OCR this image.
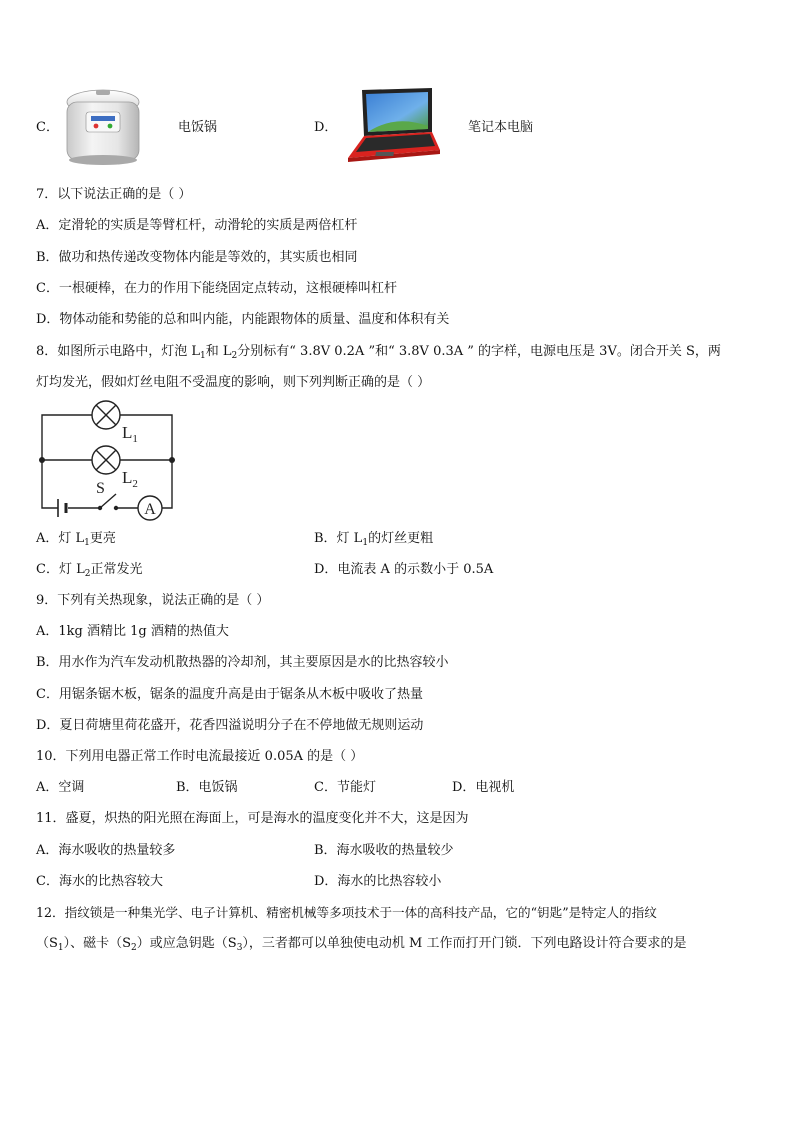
C．	电饭锅	D．	笔记本电脑
7．以下说法正确的是（ ）
A．定滑轮的实质是等臂杠杆，动滑轮的实质是两倍杠杆
B．做功和热传递改变物体内能是等效的，其实质也相同
C．一根硬棒，在力的作用下能绕固定点转动，这根硬棒叫杠杆
D．物体动能和势能的总和叫内能，内能跟物体的质量、温度和体积有关
8．如图所示电路中，灯泡 $L_1$和 $L_2$分别标有“ 3.8V 0.2A ”和“ 3.8V 0.3A ” 的字样，电源电压是 3V。闭合开关 S，两
灯均发光，假如灯丝电阻不受温度的影响，则下列判断正确的是（ ）
A
$L_1$
$L_2$
S
A．灯 $L_1$更亮	B．灯 $L_1$的灯丝更粗
C．灯 $L_2$正常发光	D．电流表 A 的示数小于 0.5A
9．下列有关热现象，说法正确的是（ ）
A．1kg 酒精比 1g 酒精的热值大
B．用水作为汽车发动机散热器的冷却剂，其主要原因是水的比热容较小
C．用锯条锯木板，锯条的温度升高是由于锯条从木板中吸收了热量
D．夏日荷塘里荷花盛开，花香四溢说明分子在不停地做无规则运动
10．下列用电器正常工作时电流最接近 0.05A 的是（ ）
A．空调	B．电饭锅	C．节能灯	D．电视机
11．盛夏，炽热的阳光照在海面上，可是海水的温度变化并不大，这是因为
A．海水吸收的热量较多	B．海水吸收的热量较少
C．海水的比热容较大	D．海水的比热容较小
12．指纹锁是一种集光学、电子计算机、精密机械等多项技术于一体的高科技产品，它的“钥匙”是特定人的指纹
$(S_1)$、磁卡$(S_2)$或应急钥匙$(S_3)$，三者都可以单独使电动机 M 工作而打开门锁．下列电路设计符合要求的是
